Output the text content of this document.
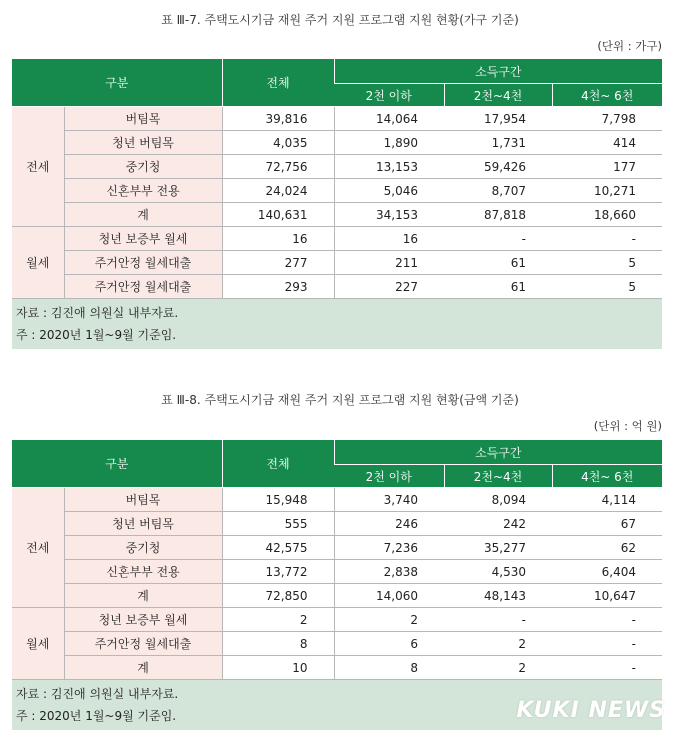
표 Ⅲ-7. 주택도시기금 재원 주거 지원 프로그램 지원 현황(가구 기준)
(단위 : 가구)
구분		전체	소득구간		
			2천 이하	2천~4천	4천~ 6천
전세	버팀목	39,816	14,064	17,954	7,798
	청년 버팀목	4,035	1,890	1,731	414
	중기청	72,756	13,153	59,426	177
	신혼부부 전용	24,024	5,046	8,707	10,271
	계	140,631	34,153	87,818	18,660
월세	청년 보증부 월세	16	16	-	-
	주거안정 월세대출	277	211	61	5
	주거안정 월세대출	293	227	61	5
자료 : 김진애 의원실 내부자료.
주 : 2020년 1월~9월 기준임.
표 Ⅲ-8. 주택도시기금 재원 주거 지원 프로그램 지원 현황(금액 기준)
(단위 : 억 원)
구분		전체	소득구간		
			2천 이하	2천~4천	4천~ 6천
전세	버팀목	15,948	3,740	8,094	4,114
	청년 버팀목	555	246	242	67
	중기청	42,575	7,236	35,277	62
	신혼부부 전용	13,772	2,838	4,530	6,404
	계	72,850	14,060	48,143	10,647
월세	청년 보증부 월세	2	2	-	-
	주거안정 월세대출	8	6	2	-
	계	10	8	2	-
자료 : 김진애 의원실 내부자료.
주 : 2020년 1월~9월 기준임.	KUKI NEWS
